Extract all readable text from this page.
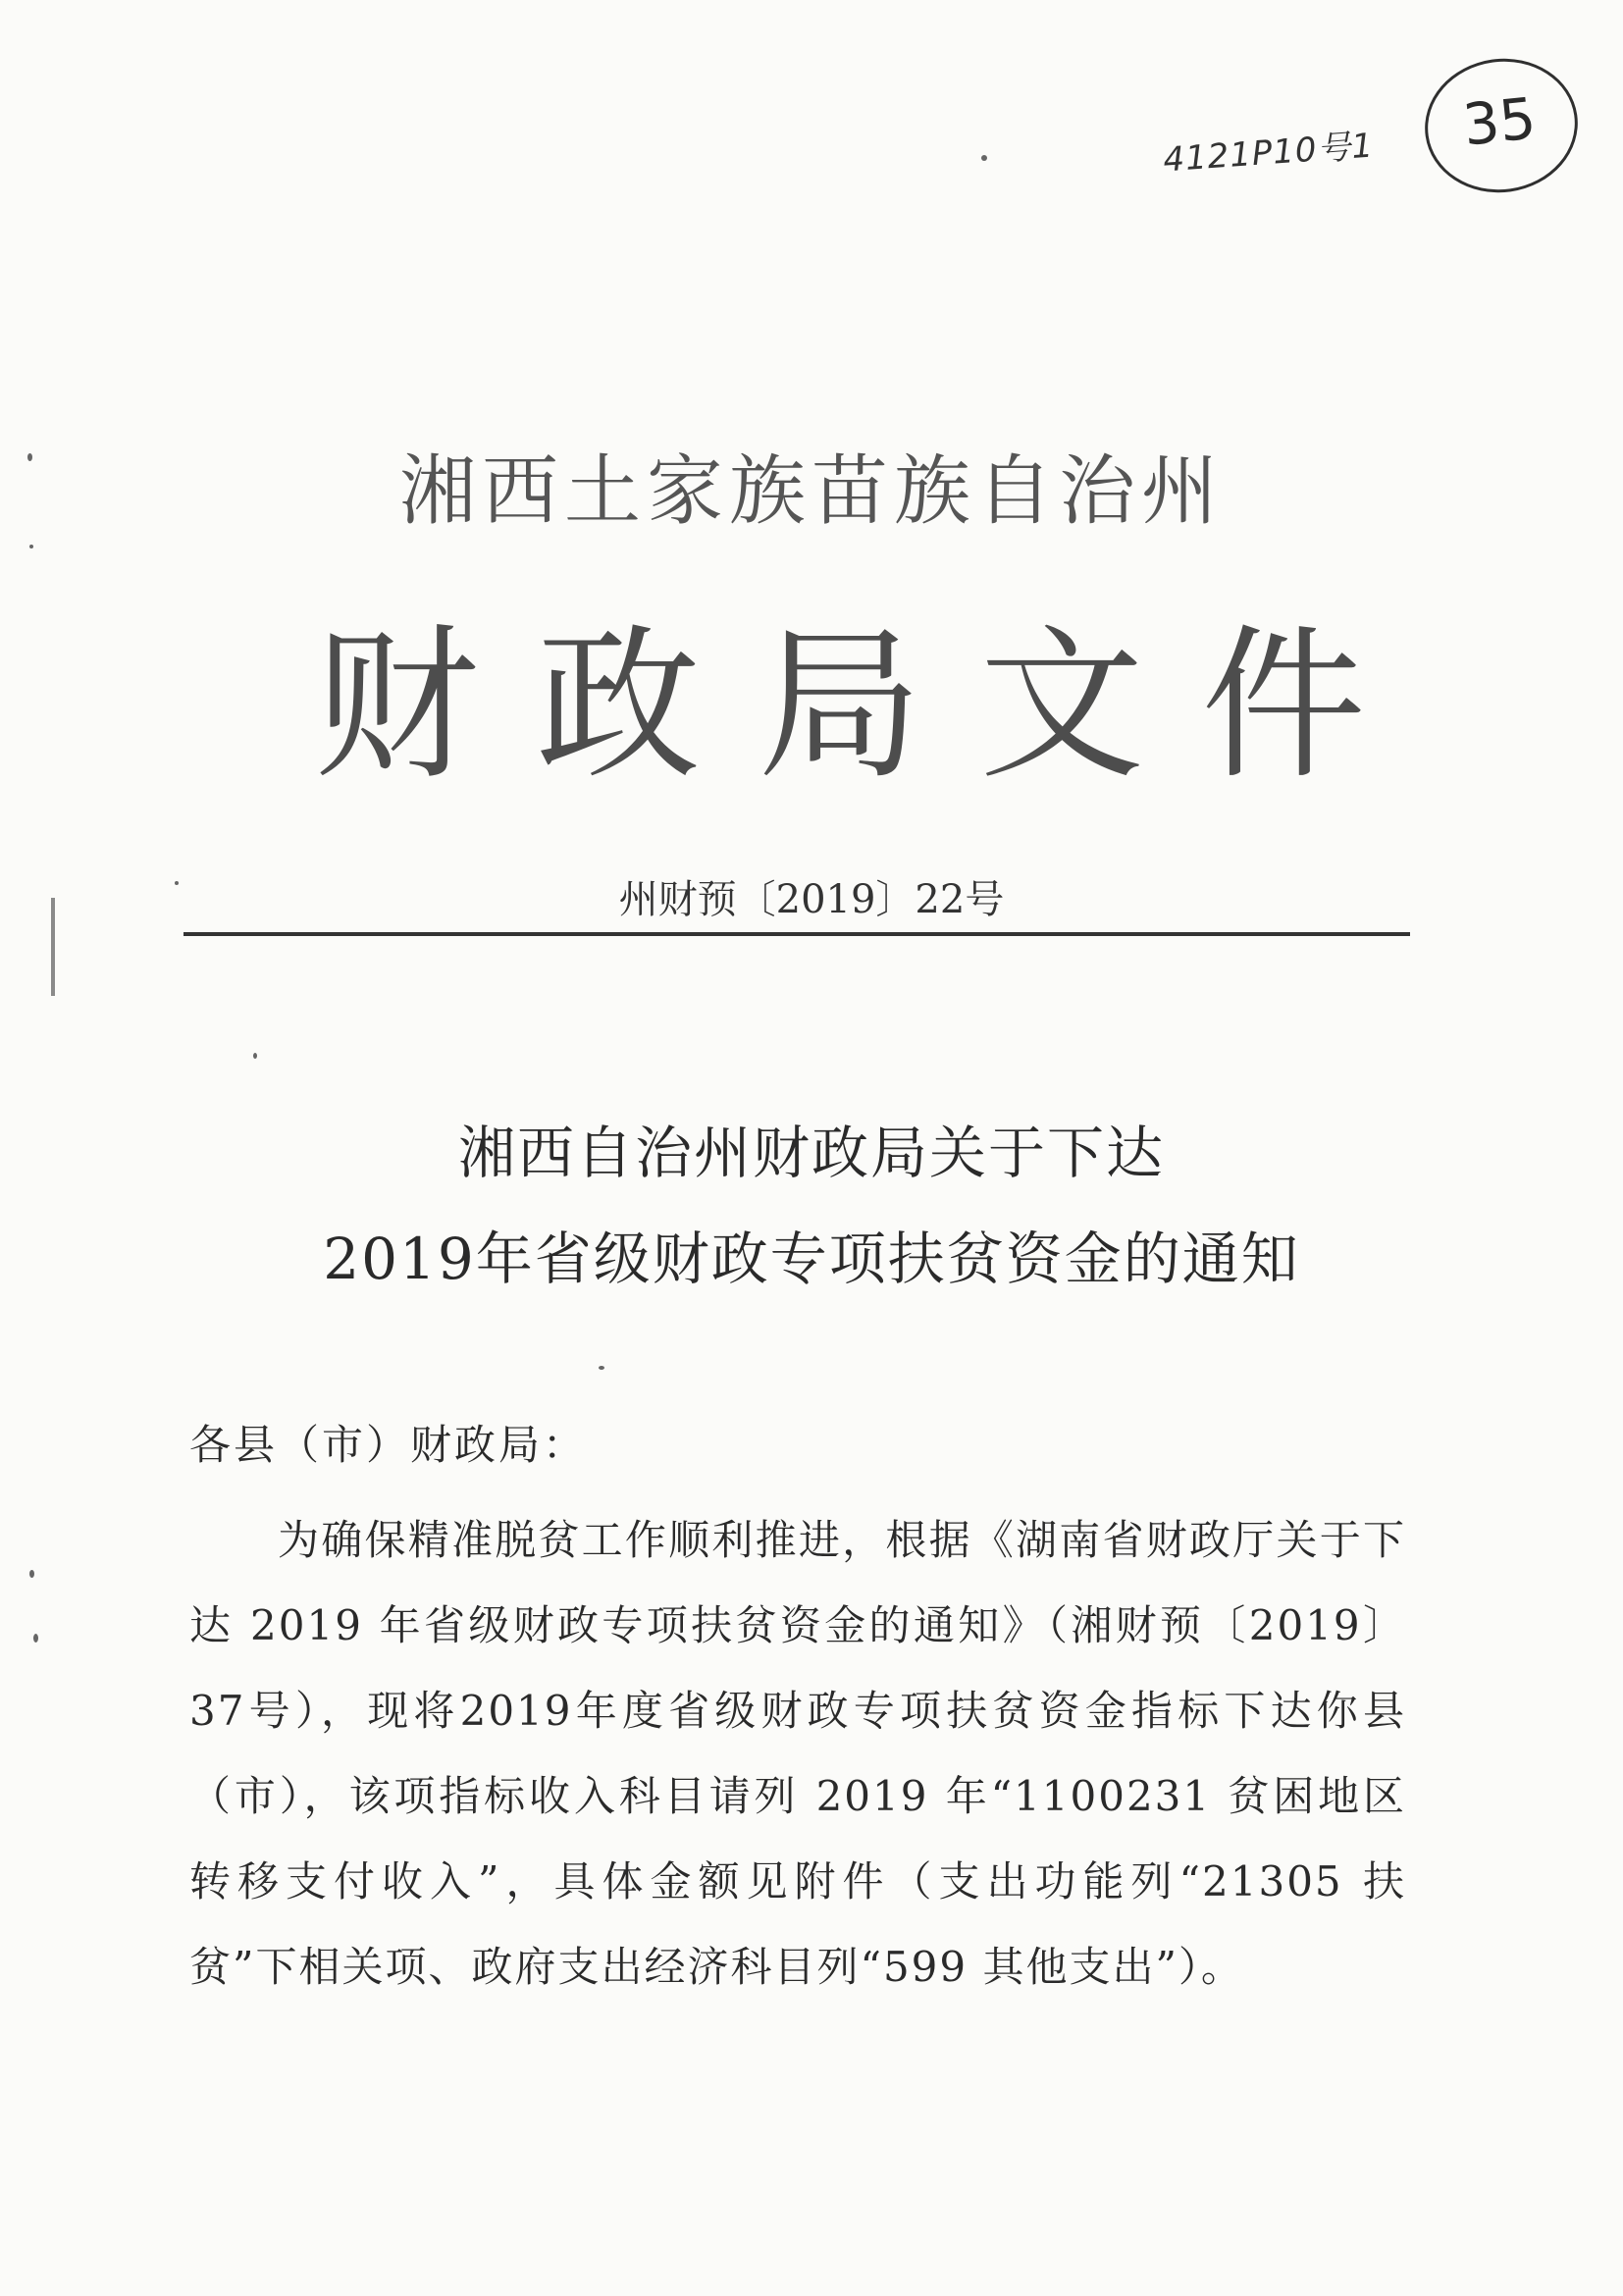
4121P10号1 35
湘西土家族苗族自治州
财政局文件
州财预〔2019〕22号
湘西自治州财政局关于下达
2019年省级财政专项扶贫资金的通知
各县（市）财政局：
为确保精准脱贫工作顺利推进，根据《湖南省财政厅关于下达 2019 年省级财政专项扶贫资金的通知》（湘财预〔2019〕37号），现将2019年度省级财政专项扶贫资金指标下达你县（市），该项指标收入科目请列 2019 年“1100231 贫困地区转移支付收入”，具体金额见附件（支出功能列“21305 扶贫”下相关项、政府支出经济科目列“599 其他支出”）。
